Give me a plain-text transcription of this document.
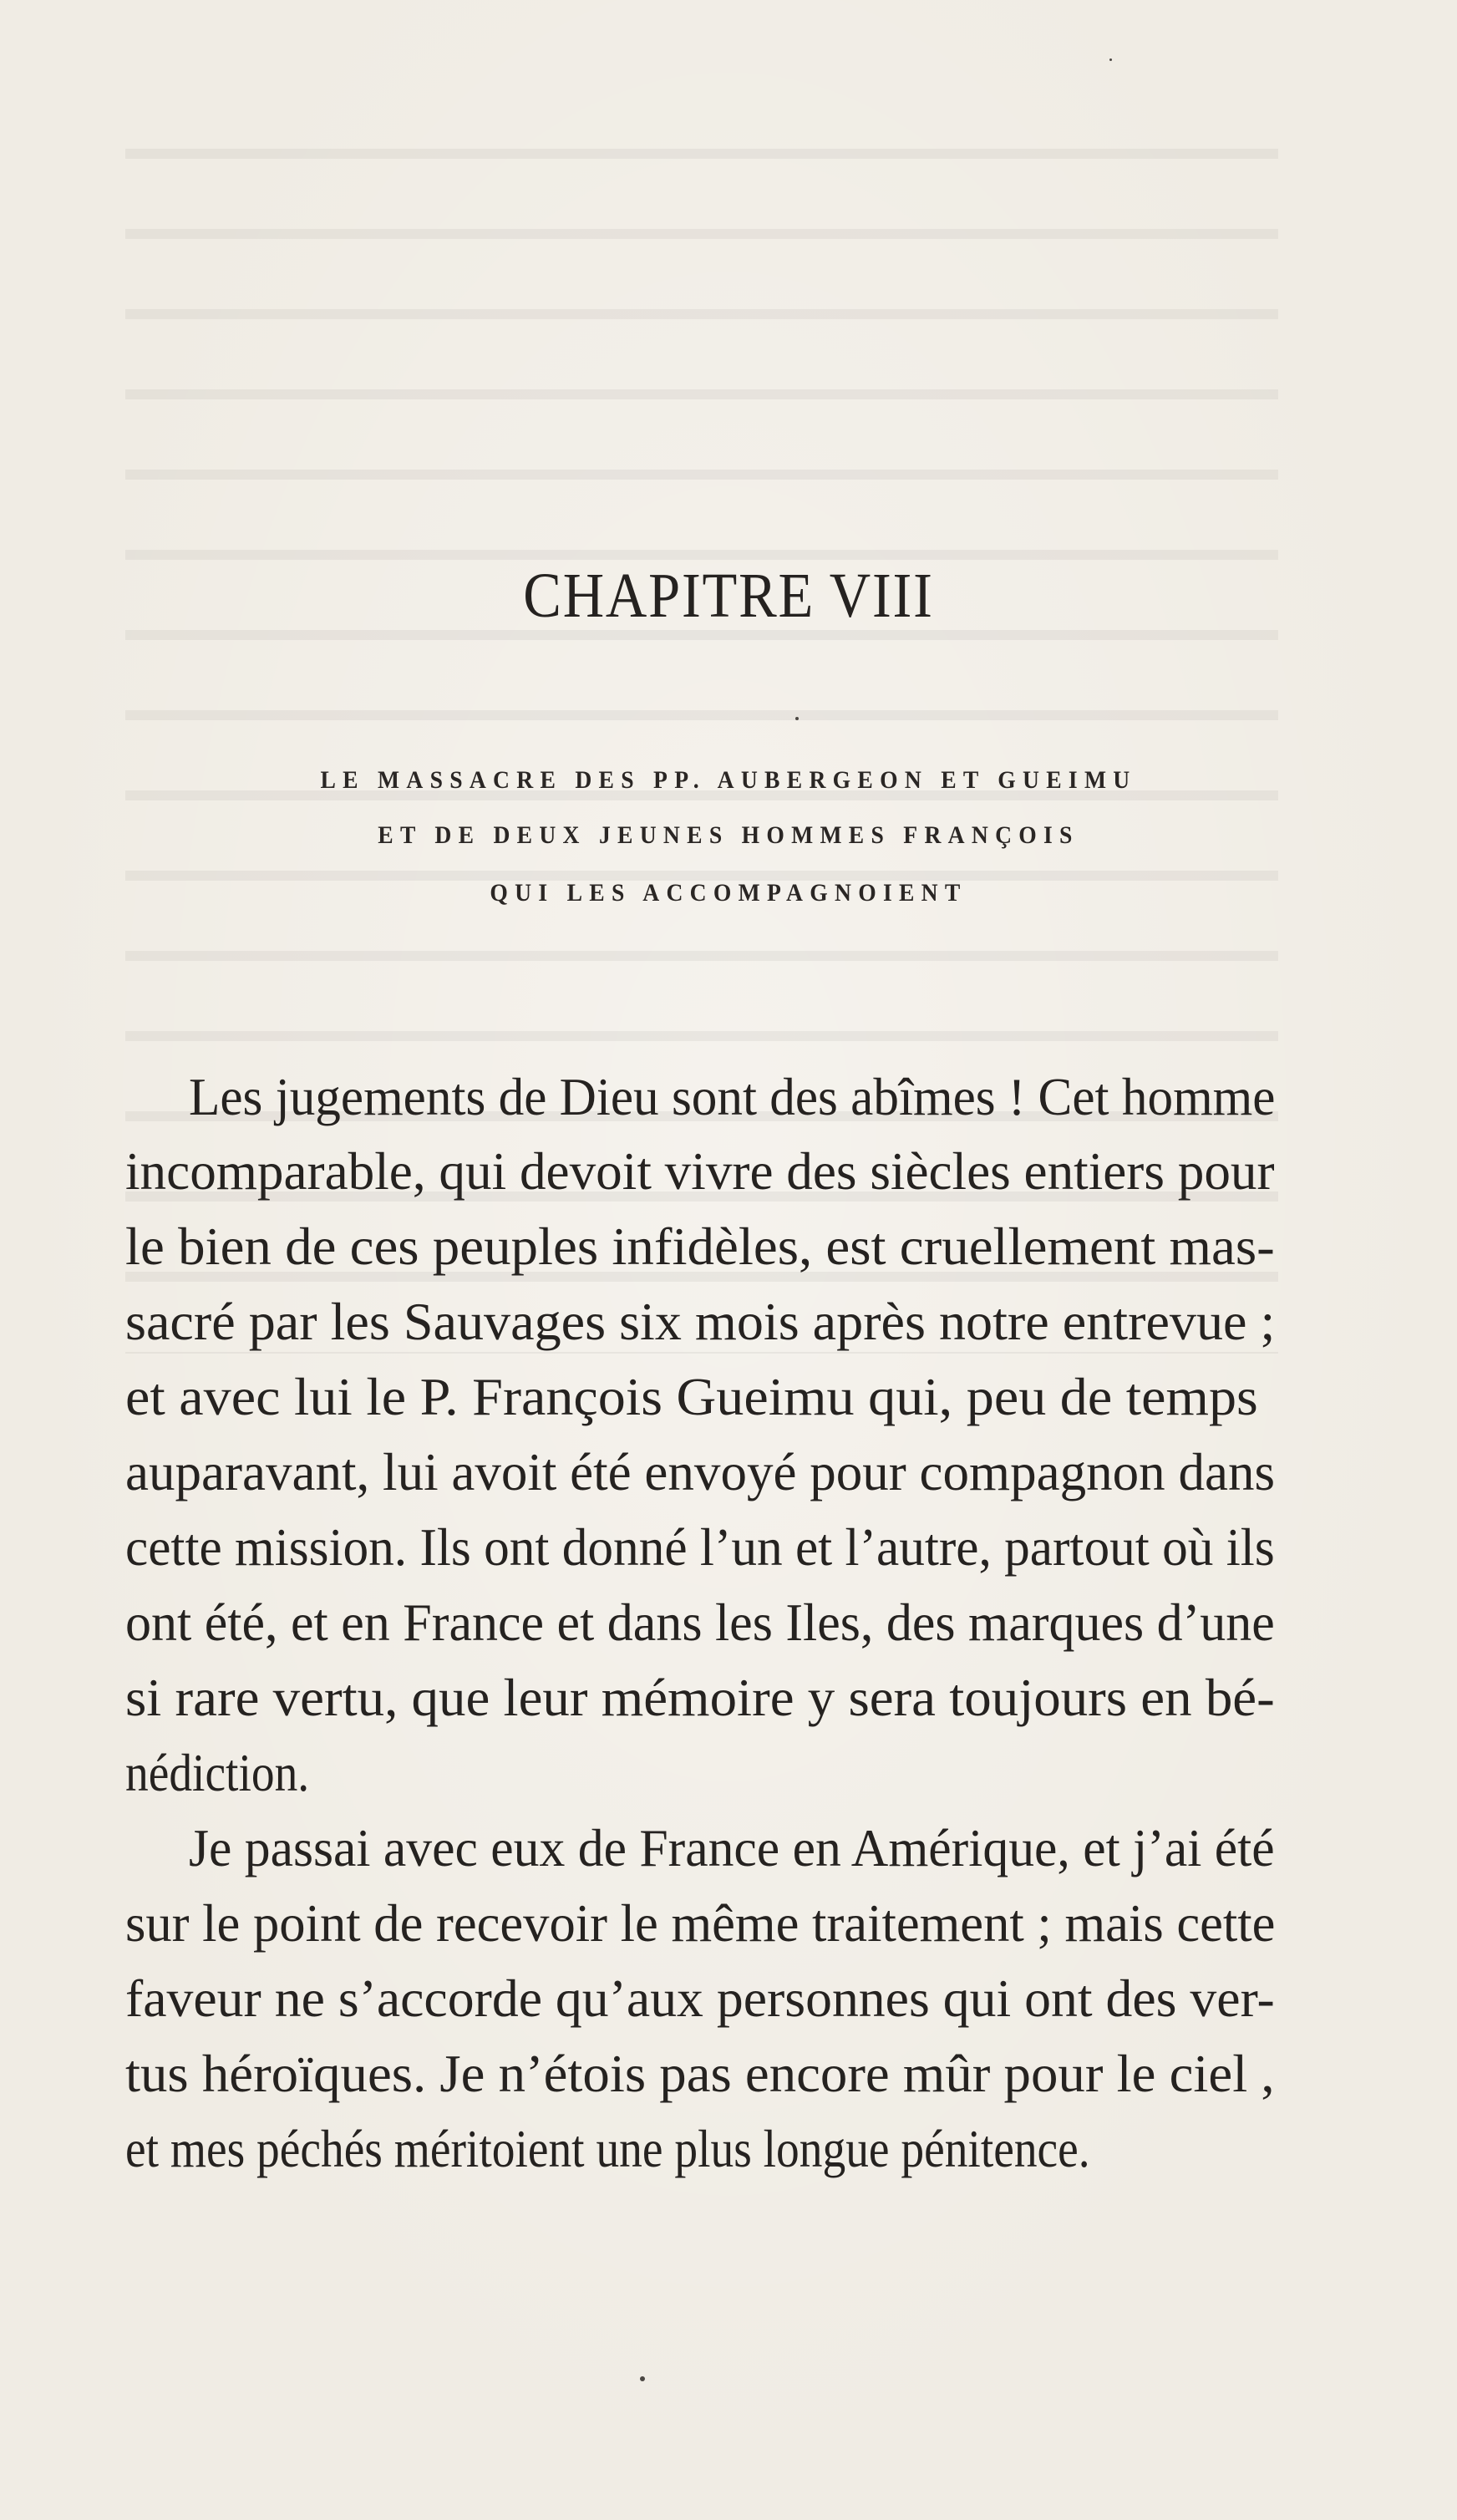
CHAPITRE VIII
LE MASSACRE DES PP. AUBERGEON ET GUEIMU
ET DE DEUX JEUNES HOMMES FRANÇOIS
QUI LES ACCOMPAGNOIENT
Les jugements de Dieu sont des abîmes ! Cet homme
incomparable, qui devoit vivre des siècles entiers pour
le bien de ces peuples infidèles, est cruellement mas-
sacré par les Sauvages six mois après notre entrevue ;
et avec lui le P. François Gueimu qui, peu de temps
auparavant, lui avoit été envoyé pour compagnon dans
cette mission. Ils ont donné l’un et l’autre, partout où ils
ont été, et en France et dans les Iles, des marques d’une
si rare vertu, que leur mémoire y sera toujours en bé-
nédiction.
Je passai avec eux de France en Amérique, et j’ai été
sur le point de recevoir le même traitement ; mais cette
faveur ne s’accorde qu’aux personnes qui ont des ver-
tus héroïques. Je n’étois pas encore mûr pour le ciel ,
et mes péchés méritoient une plus longue pénitence.
